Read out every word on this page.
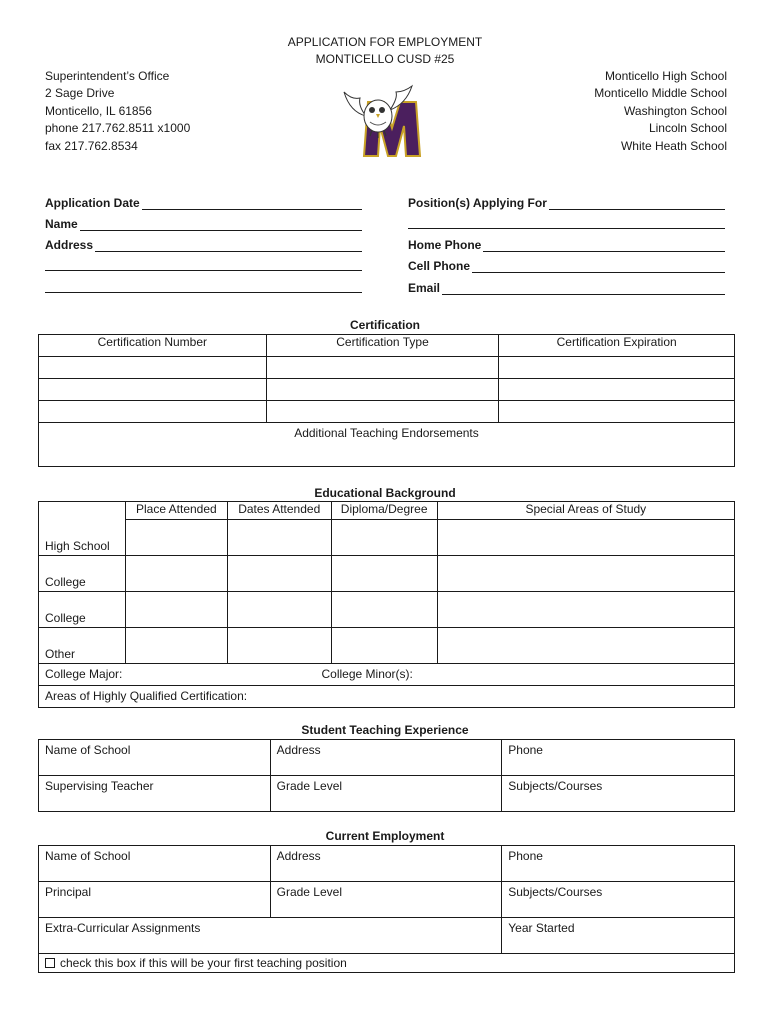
APPLICATION FOR EMPLOYMENT
MONTICELLO CUSD #25
Superintendent’s Office
2 Sage Drive
Monticello, IL 61856
phone 217.762.8511 x1000
fax 217.762.8534
Monticello High School
Monticello Middle School
Washington School
Lincoln School
White Heath School
Application Date
Name
Address
Position(s) Applying For
Home Phone
Cell Phone
Email
Certification
Certification Number	Certification Type	Certification Expiration

Additional Teaching Endorsements		
Educational Background
	Place Attended	Dates Attended	Diploma/Degree	Special Areas of Study
High School				
College				
College				
Other				
College Major: College Minor(s):				

Areas of Highly Qualified Certification:				
Student Teaching Experience
Name of School	Address	Phone
Supervising Teacher	Grade Level	Subjects/Courses
Current Employment
Name of School	Address	Phone
Principal	Grade Level	Subjects/Courses
Extra-Curricular Assignments		Year Started
check this box if this will be your first teaching position		
